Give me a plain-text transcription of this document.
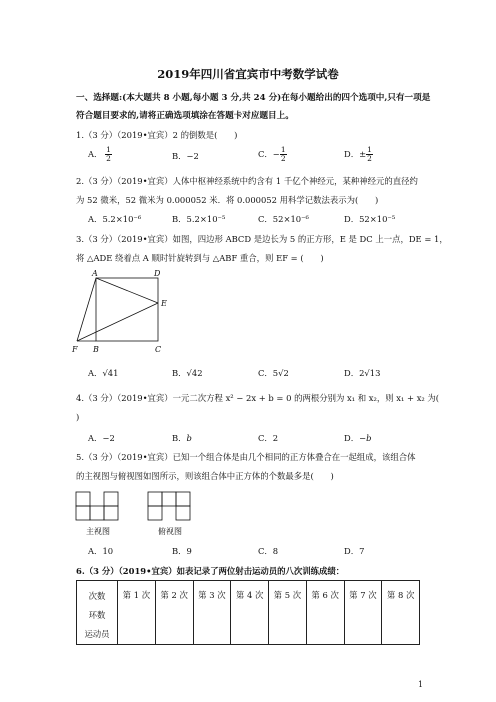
2019年四川省宜宾市中考数学试卷
一、选择题:(本大题共 8 小题,每小题 3 分,共 24 分)在每小题给出的四个选项中,只有一项是
符合题目要求的,请将正确选项填涂在答题卡对应题目上。
1.（3 分）（2019•宜宾）2 的倒数是(　　)
A． $\frac{1}{2}$	B．−2	C．− $\frac{1}{2}$	D．± $\frac{1}{2}$
2.（3 分）（2019•宜宾）人体中枢神经系统中约含有 1 千亿个神经元，某种神经元的直径约
为 52 微米，52 微米为 0.000052 米．将 0.000052 用科学记数法表示为(　　)
A．5.2×10⁻⁶	B．5.2×10⁻⁵	C．52×10⁻⁶	D．52×10⁻⁵
3.（3 分）（2019•宜宾）如图，四边形 ABCD 是边长为 5 的正方形，E 是 DC 上一点，DE = 1，
将 △ADE 绕着点 A 顺时针旋转到与 △ABF 重合，则 EF = (　　)
A	D
E
F B	C
A．√41	B．√42	C．5√2	D．2√13
4.（3 分）（2019•宜宾）一元二次方程 x² − 2x + b = 0 的两根分别为 x₁ 和 x₂，则 x₁ + x₂ 为(
)
A．−2	B．b	C．2	D．−b
5.（3 分）（2019•宜宾）已知一个组合体是由几个相同的正方体叠合在一起组成，该组合体
的主视图与俯视图如图所示，则该组合体中正方体的个数最多是(　　)
主视图	俯视图
A．10	B．9	C．8	D．7
6.（3 分）（2019•宜宾）如表记录了两位射击运动员的八次训练成绩：
次数
环数
运动员
	第 1 次	第 2 次	第 3 次	第 4 次	第 5 次	第 6 次	第 7 次	第 8 次
1
